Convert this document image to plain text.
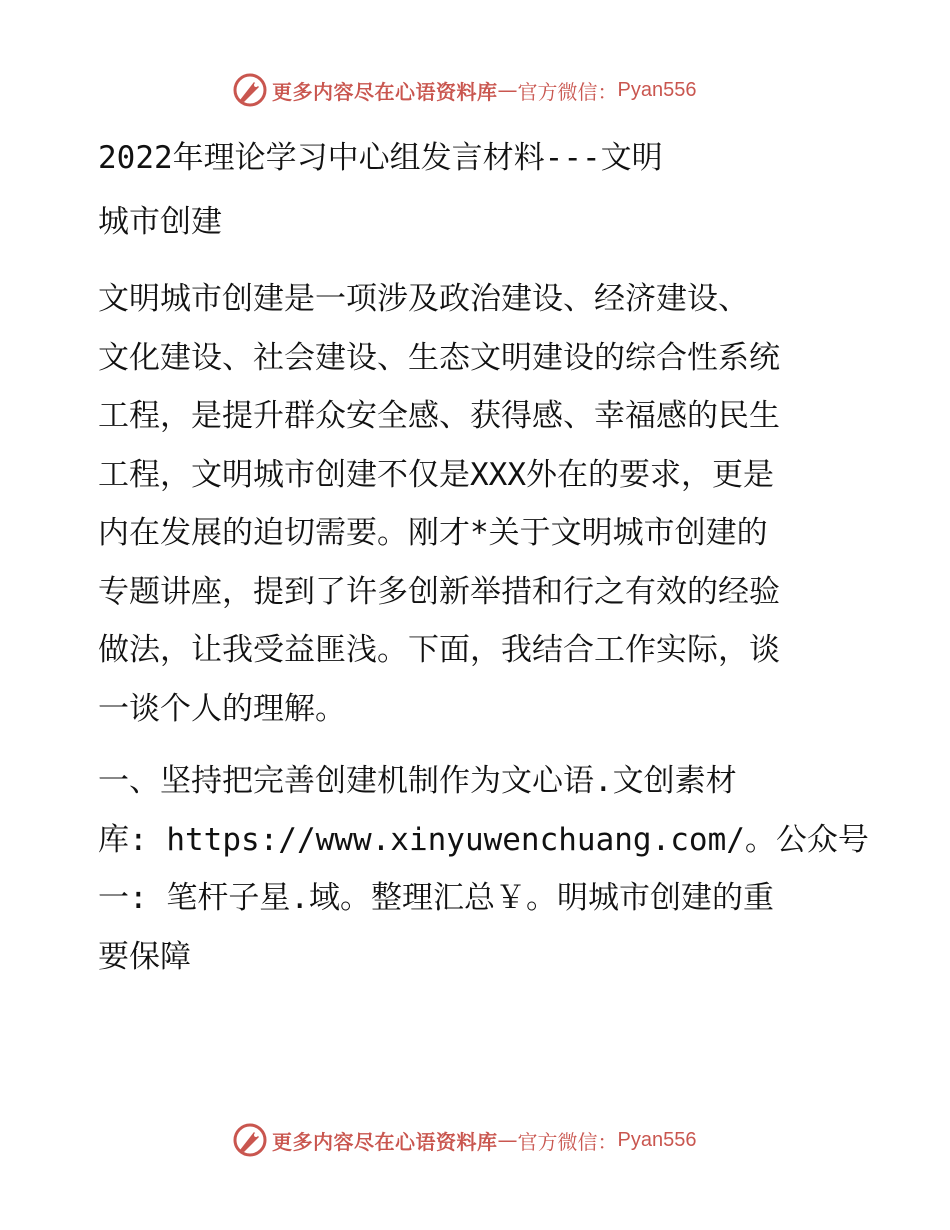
更多内容尽在心语资料库 — 官方微信： Pyan556
2022年理论学习中心组发言材料---文明
城市创建
文明城市创建是一项涉及政治建设、经济建设、
文化建设、社会建设、生态文明建设的综合性系统
工程，是提升群众安全感、获得感、幸福感的民生
工程，文明城市创建不仅是XXX外在的要求，更是
内在发展的迫切需要。刚才*关于文明城市创建的
专题讲座，提到了许多创新举措和行之有效的经验
做法，让我受益匪浅。下面，我结合工作实际，谈
一谈个人的理解。
一、坚持把完善创建机制作为文心语.文创素材
库: https://www.xinyuwenchuang.com/。公众号
一: 笔杆子星.域。整理汇总￥。明城市创建的重
要保障
更多内容尽在心语资料库 — 官方微信： Pyan556
